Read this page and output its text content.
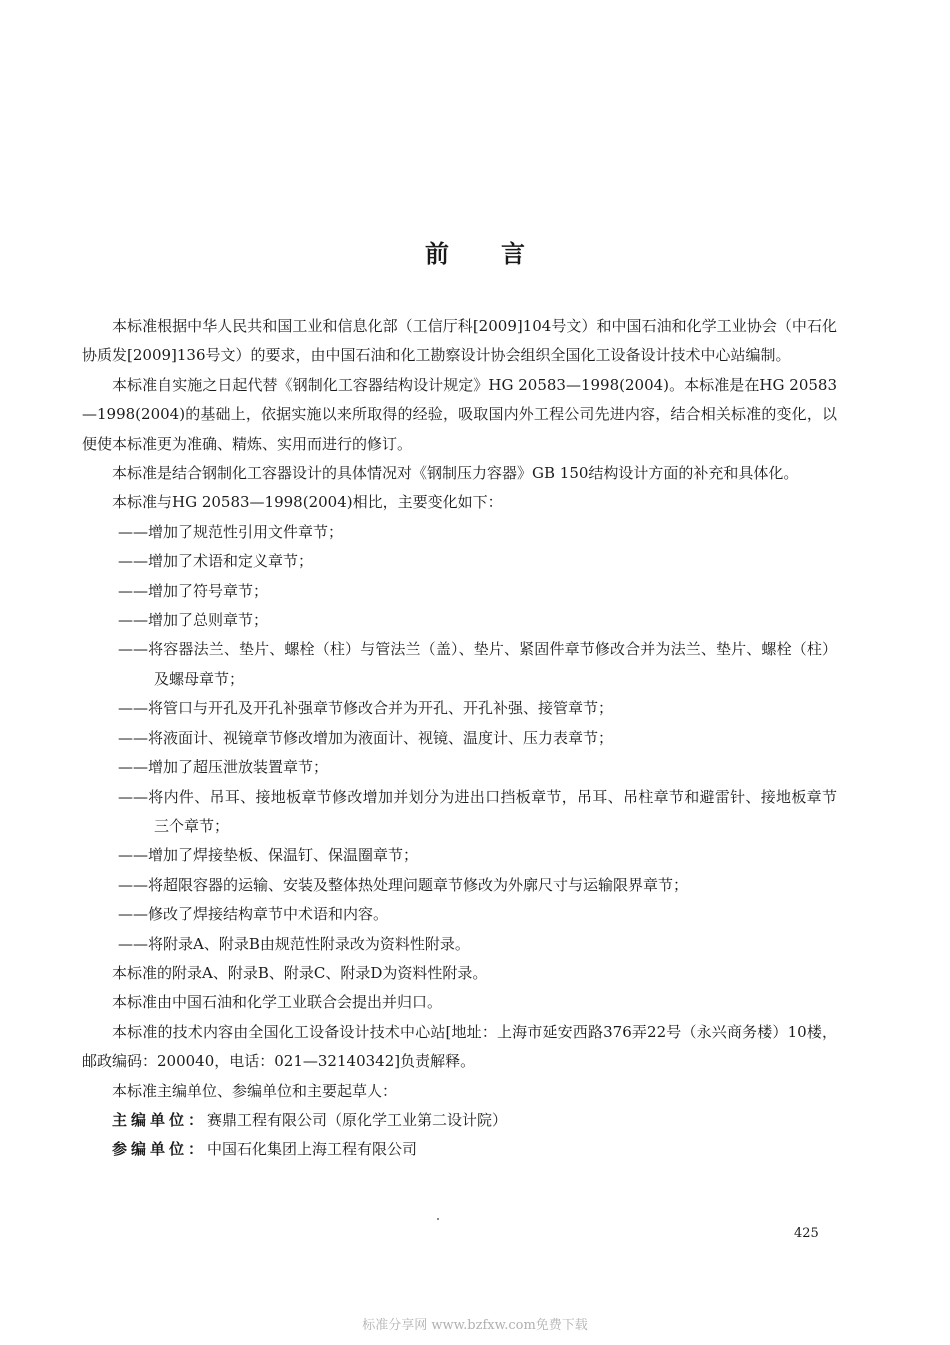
前言

本标准根据中华人民共和国工业和信息化部（工信厅科[2009]104号文）和中国石油和化学工业协会（中石化协质发[2009]136号文）的要求，由中国石油和化工勘察设计协会组织全国化工设备设计技术中心站编制。

本标准自实施之日起代替《钢制化工容器结构设计规定》HG 20583—1998(2004)。本标准是在HG 20583—1998(2004)的基础上，依据实施以来所取得的经验，吸取国内外工程公司先进内容，结合相关标准的变化，以便使本标准更为准确、精炼、实用而进行的修订。

本标准是结合钢制化工容器设计的具体情况对《钢制压力容器》GB 150结构设计方面的补充和具体化。

本标准与HG 20583—1998(2004)相比，主要变化如下：

——增加了规范性引用文件章节；

——增加了术语和定义章节；

——增加了符号章节；

——增加了总则章节；

——将容器法兰、垫片、螺栓（柱）与管法兰（盖）、垫片、紧固件章节修改合并为法兰、垫片、螺栓（柱）及螺母章节；

——将管口与开孔及开孔补强章节修改合并为开孔、开孔补强、接管章节；

——将液面计、视镜章节修改增加为液面计、视镜、温度计、压力表章节；

——增加了超压泄放装置章节；

——将内件、吊耳、接地板章节修改增加并划分为进出口挡板章节，吊耳、吊柱章节和避雷针、接地板章节三个章节；

——增加了焊接垫板、保温钉、保温圈章节；

——将超限容器的运输、安装及整体热处理问题章节修改为外廓尺寸与运输限界章节；

——修改了焊接结构章节中术语和内容。

——将附录A、附录B由规范性附录改为资料性附录。

本标准的附录A、附录B、附录C、附录D为资料性附录。

本标准由中国石油和化学工业联合会提出并归口。

本标准的技术内容由全国化工设备设计技术中心站[地址：上海市延安西路376弄22号（永兴商务楼）10楼，邮政编码：200040，电话：021—32140342]负责解释。

本标准主编单位、参编单位和主要起草人：

主编单位：赛鼎工程有限公司（原化学工业第二设计院）

参编单位：中国石化集团上海工程有限公司

425
标准分享网 www.bzfxw.com免费下载
